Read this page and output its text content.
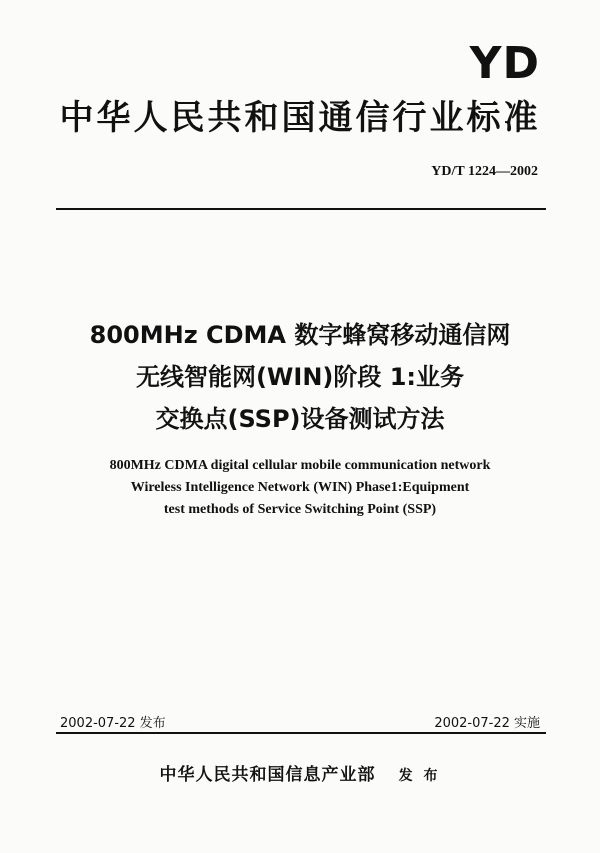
YD
中华人民共和国通信行业标准
YD/T 1224—2002
800MHz CDMA 数字蜂窝移动通信网
无线智能网(WIN)阶段 1:业务
交换点(SSP)设备测试方法
800MHz CDMA digital cellular mobile communication network
Wireless Intelligence Network (WIN) Phase1:Equipment
test methods of Service Switching Point (SSP)
2002-07-22 发布	2002-07-22 实施
中华人民共和国信息产业部 发 布
